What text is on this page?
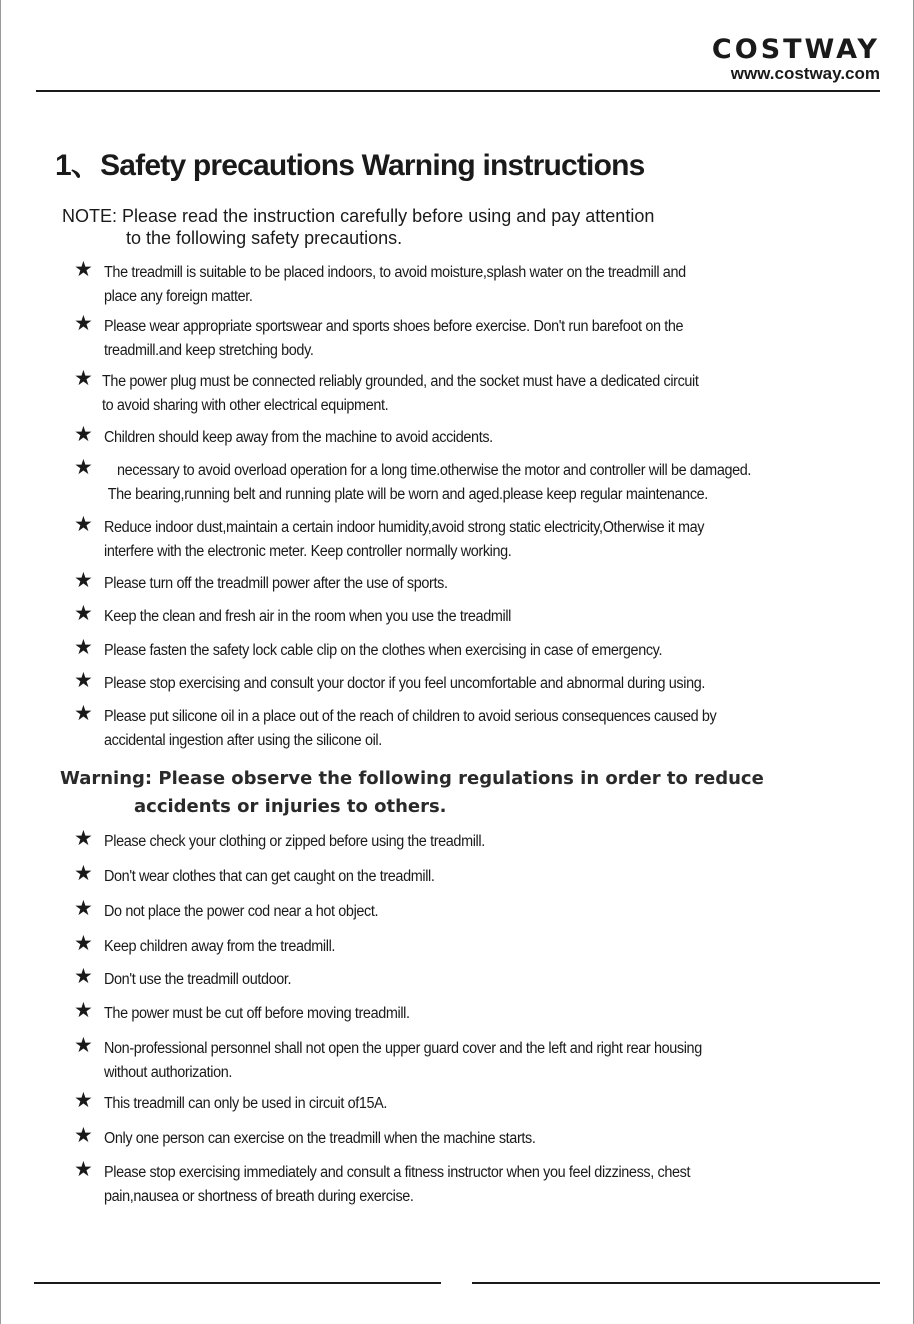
COSTWAY
www.costway.com
1、Safety precautions Warning instructions
NOTE: Please read the instruction carefully before using and pay attention
to the following safety precautions.
★ The treadmill is suitable to be placed indoors, to avoid moisture,splash water on the treadmill and
place any foreign matter.
★ Please wear appropriate sportswear and sports shoes before exercise. Don't run barefoot on the
treadmill.and keep stretching body.
★ The power plug must be connected reliably grounded, and the socket must have a dedicated circuit
to avoid sharing with other electrical equipment.
★ Children should keep away from the machine to avoid accidents.
★	necessary to avoid overload operation for a long time.otherwise the motor and controller will be damaged.
The bearing,running belt and running plate will be worn and aged.please keep regular maintenance.
★ Reduce indoor dust,maintain a certain indoor humidity,avoid strong static electricity,Otherwise it may
interfere with the electronic meter. Keep controller normally working.
★ Please turn off the treadmill power after the use of sports.
★ Keep the clean and fresh air in the room when you use the treadmill
★ Please fasten the safety lock cable clip on the clothes when exercising in case of emergency.
★ Please stop exercising and consult your doctor if you feel uncomfortable and abnormal during using.
★ Please put silicone oil in a place out of the reach of children to avoid serious consequences caused by
accidental ingestion after using the silicone oil.
Warning: Please observe the following regulations in order to reduce
accidents or injuries to others.
★ Please check your clothing or zipped before using the treadmill.
★ Don't wear clothes that can get caught on the treadmill.
★ Do not place the power cod near a hot object.
★ Keep children away from the treadmill.
★ Don't use the treadmill outdoor.
★ The power must be cut off before moving treadmill.
★ Non-professional personnel shall not open the upper guard cover and the left and right rear housing
without authorization.
★ This treadmill can only be used in circuit of15A.
★ Only one person can exercise on the treadmill when the machine starts.
★ Please stop exercising immediately and consult a fitness instructor when you feel dizziness, chest
pain,nausea or shortness of breath during exercise.
